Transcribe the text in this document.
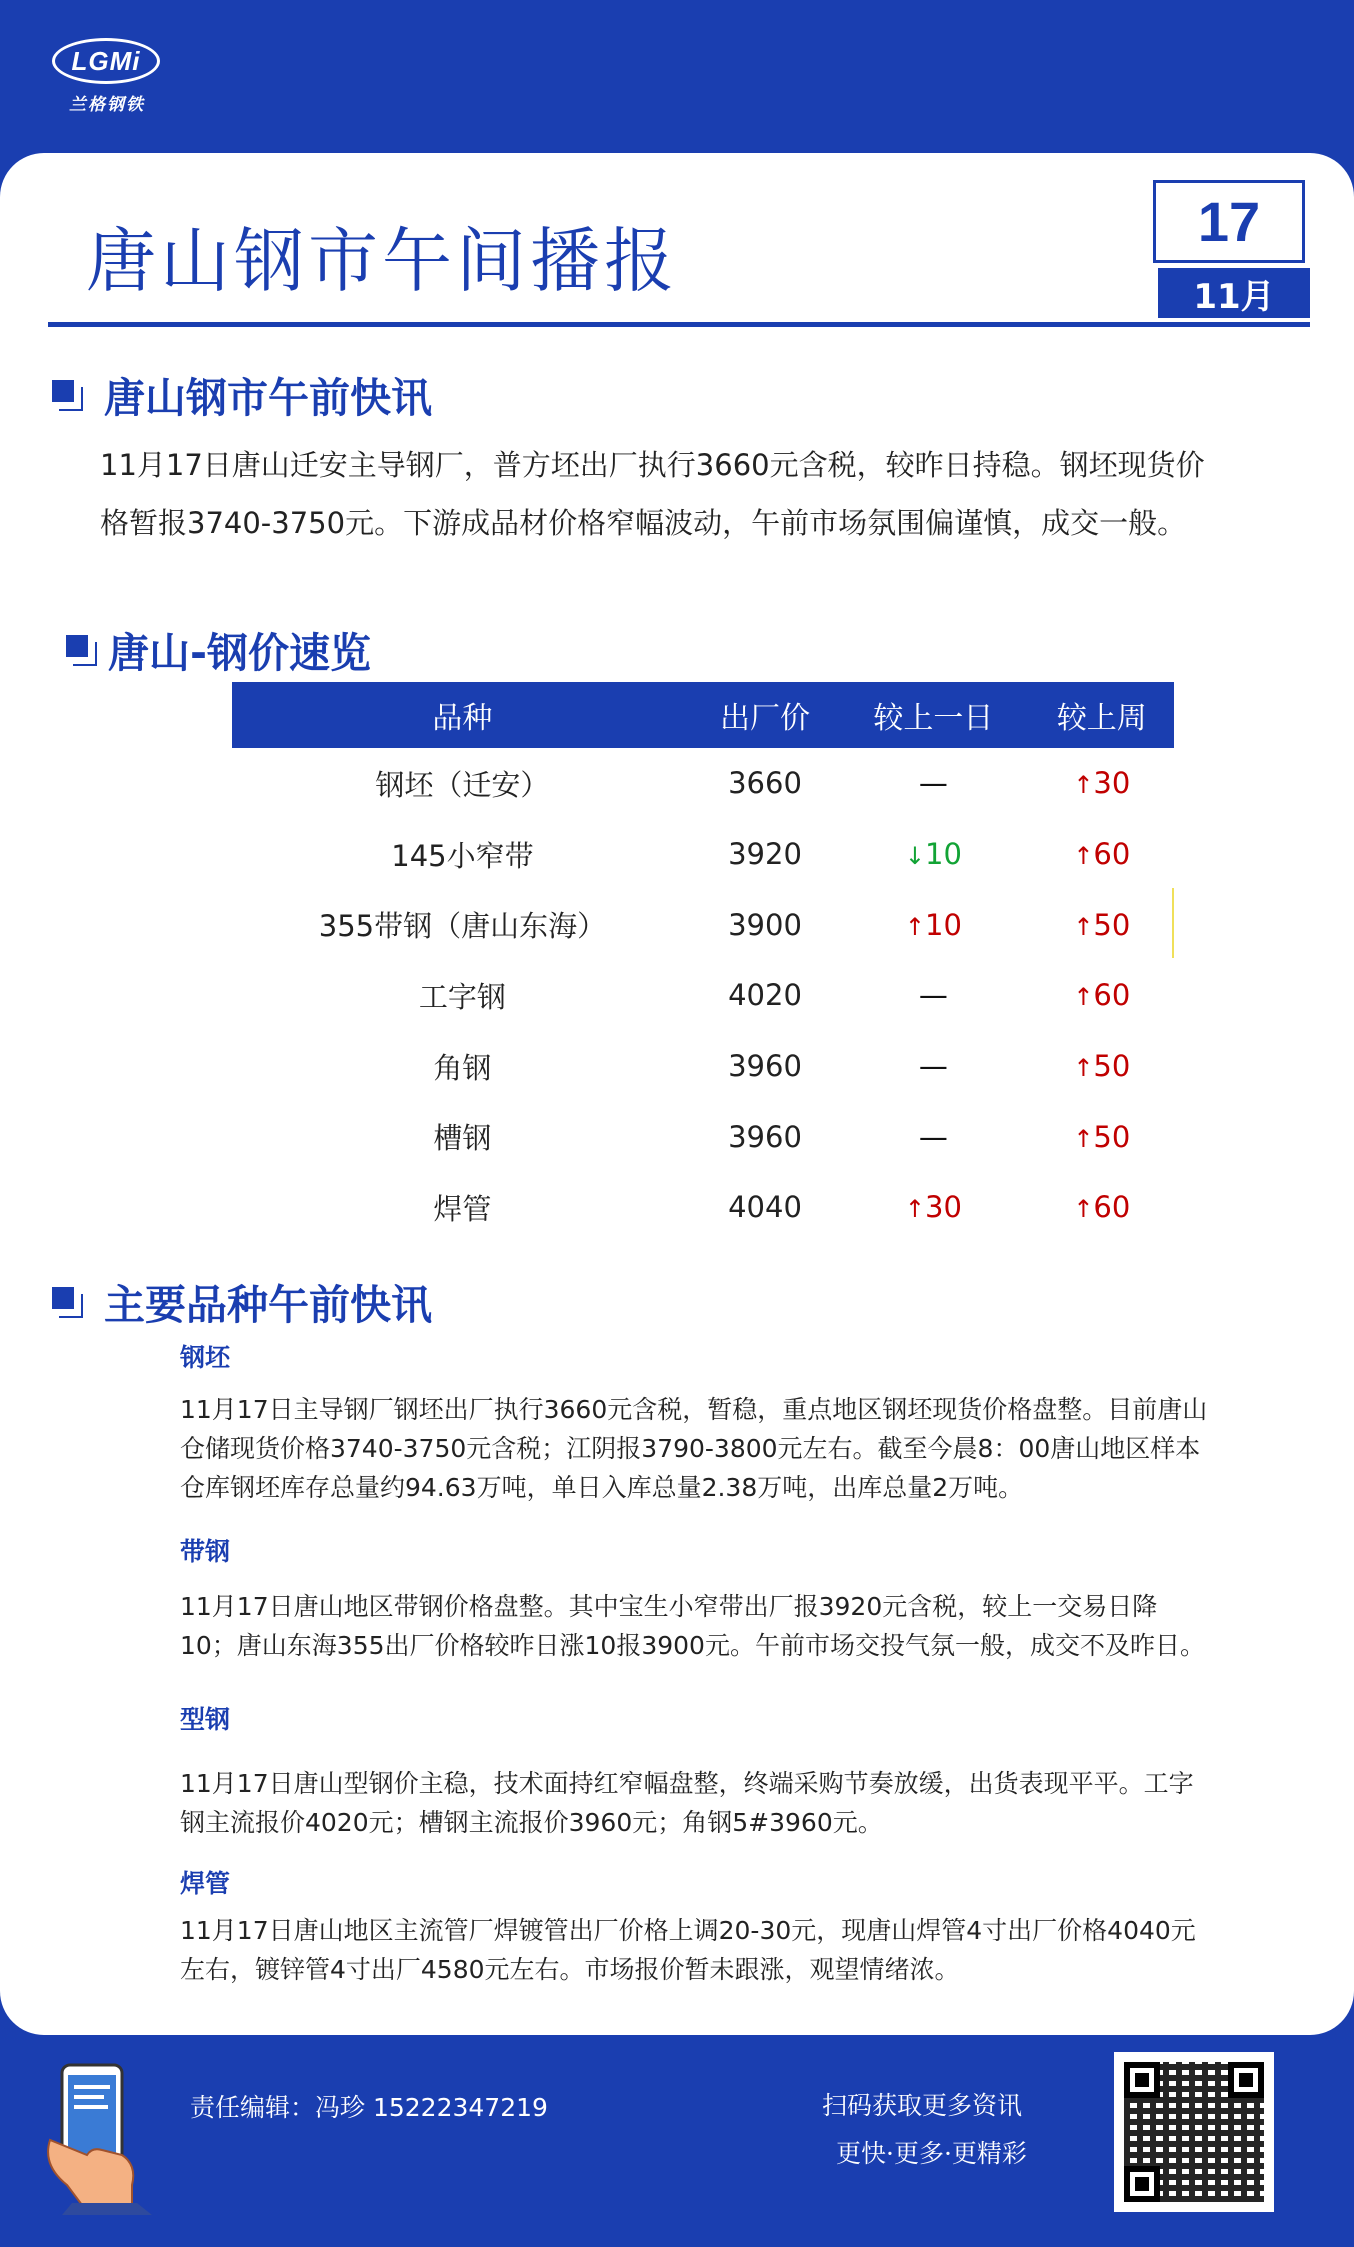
LGMi
兰格钢铁
唐山钢市午间播报	17
11月
唐山钢市午前快讯
11月17日唐山迁安主导钢厂，普方坯出厂执行3660元含税，较昨日持稳。钢坯现货价格暂报3740-3750元。下游成品材价格窄幅波动，午前市场氛围偏谨慎，成交一般。
唐山-钢价速览
品种	出厂价	较上一日	较上周
钢坯（迁安）	3660	—	↑30
145小窄带	3920	↓10	↑60
355带钢（唐山东海）	3900	↑10	↑50
工字钢	4020	—	↑60
角钢	3960	—	↑50
槽钢	3960	—	↑50
焊管	4040	↑30	↑60
主要品种午前快讯
钢坯
11月17日主导钢厂钢坯出厂执行3660元含税，暂稳，重点地区钢坯现货价格盘整。目前唐山仓储现货价格3740-3750元含税；江阴报3790-3800元左右。截至今晨8：00唐山地区样本仓库钢坯库存总量约94.63万吨，单日入库总量2.38万吨，出库总量2万吨。
带钢
11月17日唐山地区带钢价格盘整。其中宝生小窄带出厂报3920元含税，较上一交易日降10；唐山东海355出厂价格较昨日涨10报3900元。午前市场交投气氛一般，成交不及昨日。
型钢
11月17日唐山型钢价主稳，技术面持红窄幅盘整，终端采购节奏放缓，出货表现平平。工字钢主流报价4020元；槽钢主流报价3960元；角钢5#3960元。
焊管
11月17日唐山地区主流管厂焊镀管出厂价格上调20-30元，现唐山焊管4寸出厂价格4040元左右，镀锌管4寸出厂4580元左右。市场报价暂未跟涨，观望情绪浓。
责任编辑：冯珍 15222347219	扫码获取更多资讯
更快·更多·更精彩
